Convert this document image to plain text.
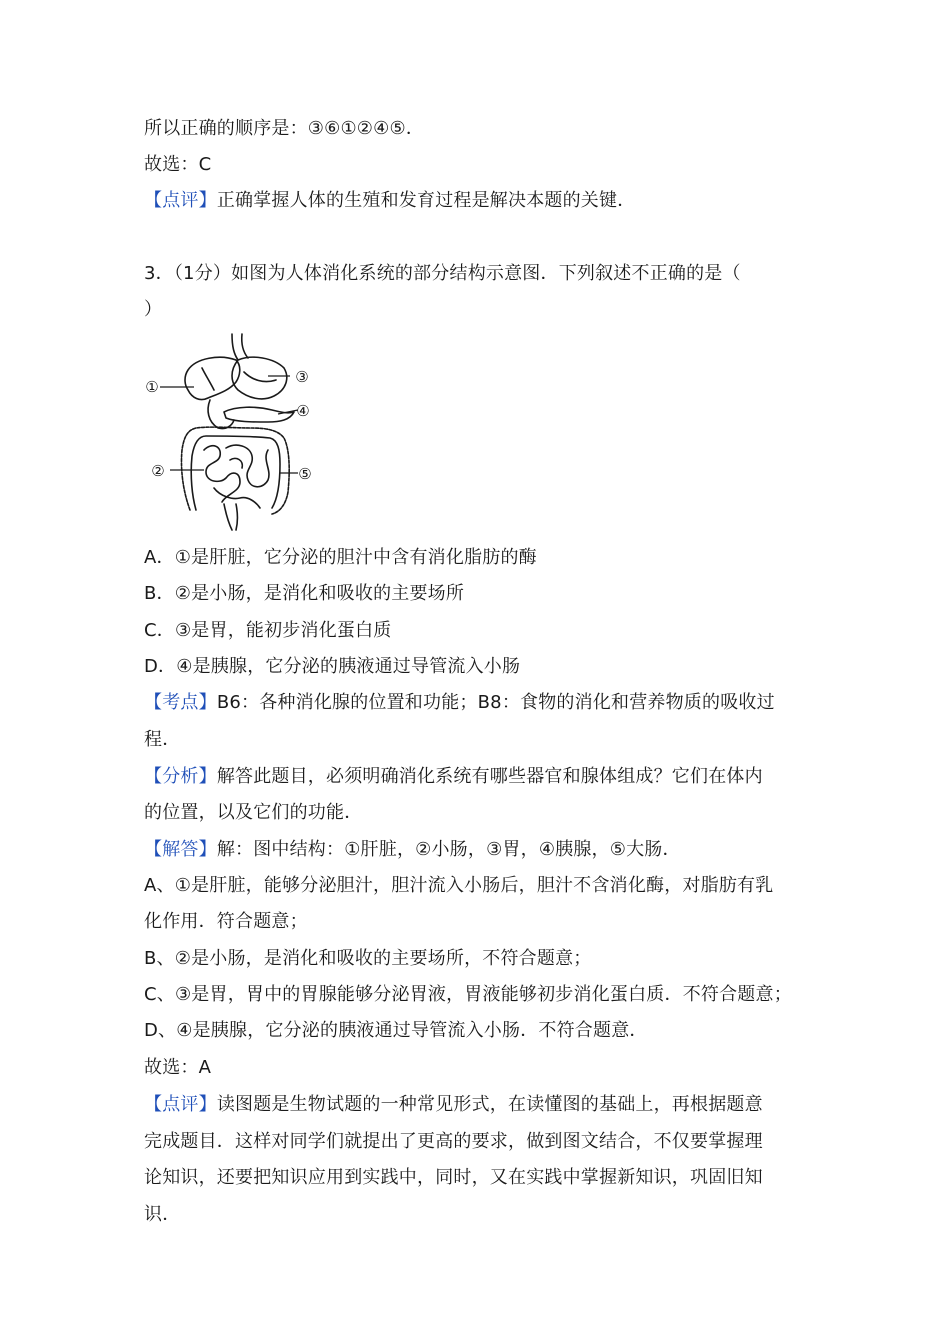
所以正确的顺序是：③⑥①②④⑤．
故选：C
【点评】正确掌握人体的生殖和发育过程是解决本题的关键．
3．（1分）如图为人体消化系统的部分结构示意图．下列叙述不正确的是（
）
①
②
③
④
⑤
A．①是肝脏，它分泌的胆汁中含有消化脂肪的酶
B．②是小肠，是消化和吸收的主要场所
C．③是胃，能初步消化蛋白质
D．④是胰腺，它分泌的胰液通过导管流入小肠
【考点】B6：各种消化腺的位置和功能；B8：食物的消化和营养物质的吸收过
程．
【分析】解答此题目，必须明确消化系统有哪些器官和腺体组成？它们在体内
的位置，以及它们的功能．
【解答】解：图中结构：①肝脏，②小肠，③胃，④胰腺，⑤大肠．
A、①是肝脏，能够分泌胆汁，胆汁流入小肠后，胆汁不含消化酶，对脂肪有乳
化作用．符合题意；
B、②是小肠，是消化和吸收的主要场所，不符合题意；
C、③是胃，胃中的胃腺能够分泌胃液，胃液能够初步消化蛋白质．不符合题意；
D、④是胰腺，它分泌的胰液通过导管流入小肠．不符合题意．
故选：A
【点评】读图题是生物试题的一种常见形式，在读懂图的基础上，再根据题意
完成题目．这样对同学们就提出了更高的要求，做到图文结合，不仅要掌握理
论知识，还要把知识应用到实践中，同时，又在实践中掌握新知识，巩固旧知
识．
